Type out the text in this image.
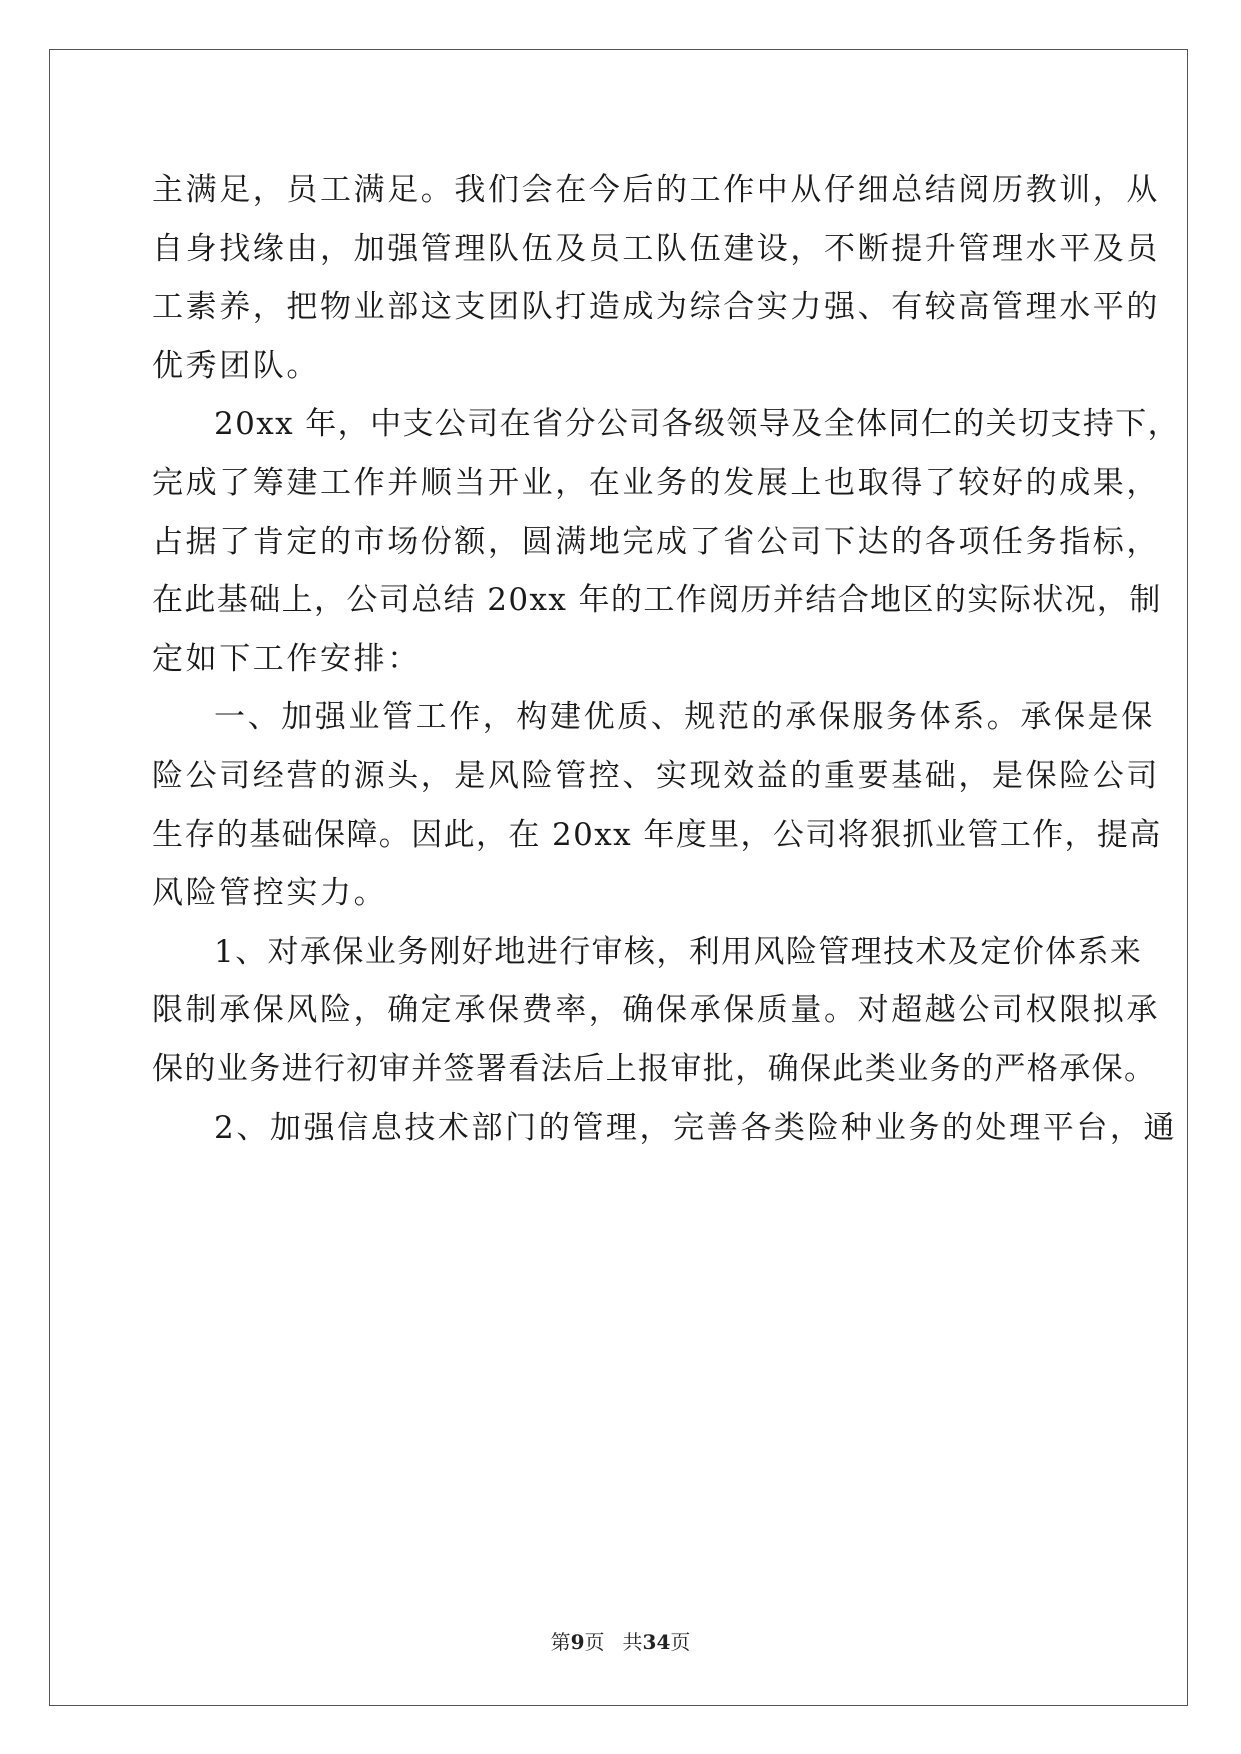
主满足，员工满足。我们会在今后的工作中从仔细总结阅历教训，从
自身找缘由，加强管理队伍及员工队伍建设，不断提升管理水平及员
工素养，把物业部这支团队打造成为综合实力强、有较高管理水平的
优秀团队。
20xx 年，中支公司在省分公司各级领导及全体同仁的关切支持下，
完成了筹建工作并顺当开业，在业务的发展上也取得了较好的成果，
占据了肯定的市场份额，圆满地完成了省公司下达的各项任务指标，
在此基础上，公司总结 20xx 年的工作阅历并结合地区的实际状况，制
定如下工作安排：
一、加强业管工作，构建优质、规范的承保服务体系。承保是保
险公司经营的源头，是风险管控、实现效益的重要基础，是保险公司
生存的基础保障。因此，在 20xx 年度里，公司将狠抓业管工作，提高
风险管控实力。
1、对承保业务刚好地进行审核，利用风险管理技术及定价体系来
限制承保风险，确定承保费率，确保承保质量。对超越公司权限拟承
保的业务进行初审并签署看法后上报审批，确保此类业务的严格承保。
2、加强信息技术部门的管理，完善各类险种业务的处理平台，通
第9页 共34页
